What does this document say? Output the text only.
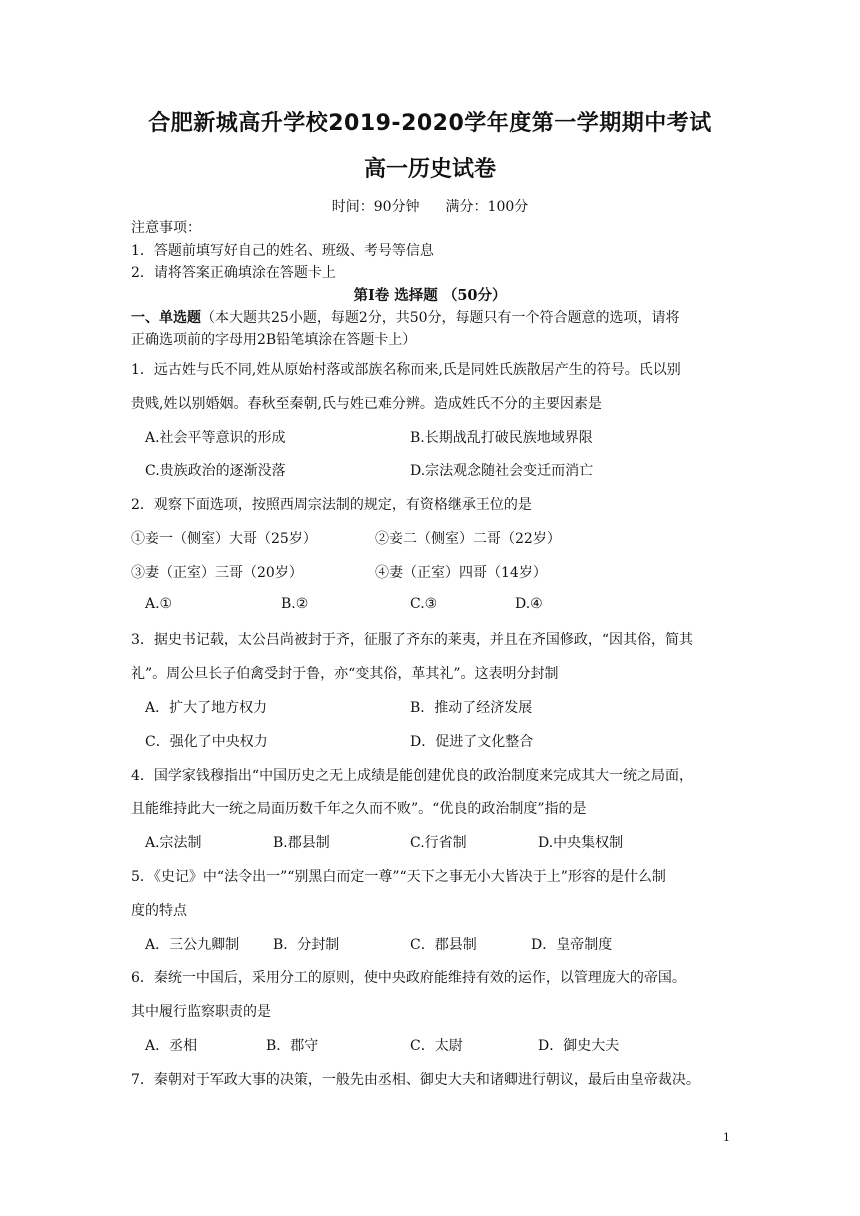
合肥新城高升学校2019-2020学年度第一学期期中考试
高一历史试卷
时间：90分钟 满分：100分
注意事项：
1．答题前填写好自己的姓名、班级、考号等信息
2．请将答案正确填涂在答题卡上
第Ⅰ卷 选择题 （50分）
一、单选题（本大题共25小题，每题2分，共50分，每题只有一个符合题意的选项，请将
正确选项前的字母用2B铅笔填涂在答题卡上）
1．远古姓与氏不同,姓从原始村落或部族名称而来,氏是同姓氏族散居产生的符号。氏以别
贵贱,姓以别婚姻。春秋至秦朝,氏与姓已难分辨。造成姓氏不分的主要因素是
A.社会平等意识的形成	B.长期战乱打破民族地域界限
C.贵族政治的逐渐没落	D.宗法观念随社会变迁而消亡
2．观察下面选项，按照西周宗法制的规定，有资格继承王位的是
①妾一（侧室）大哥（25岁）	②妾二（侧室）二哥（22岁）
③妻（正室）三哥（20岁）	④妻（正室）四哥（14岁）
A.①	B.②	C.③	D.④
3．据史书记载，太公吕尚被封于齐，征服了齐东的莱夷，并且在齐国修政，“因其俗，简其
礼”。周公旦长子伯禽受封于鲁，亦“变其俗，革其礼”。这表明分封制
A．扩大了地方权力	B．推动了经济发展
C．强化了中央权力	D．促进了文化整合
4．国学家钱穆指出“中国历史之无上成绩是能创建优良的政治制度来完成其大一统之局面，
且能维持此大一统之局面历数千年之久而不败”。“优良的政治制度”指的是
A.宗法制	B.郡县制	C.行省制	D.中央集权制
5．《史记》中“法令出一”“别黑白而定一尊”“天下之事无小大皆决于上”形容的是什么制
度的特点
A．三公九卿制 B．分封制	C．郡县制	D．皇帝制度
6．秦统一中国后，采用分工的原则，使中央政府能维持有效的运作，以管理庞大的帝国。
其中履行监察职责的是
A．丞相	B．郡守	C．太尉	D．御史大夫
7．秦朝对于军政大事的决策，一般先由丞相、御史大夫和诸卿进行朝议，最后由皇帝裁决。
1
